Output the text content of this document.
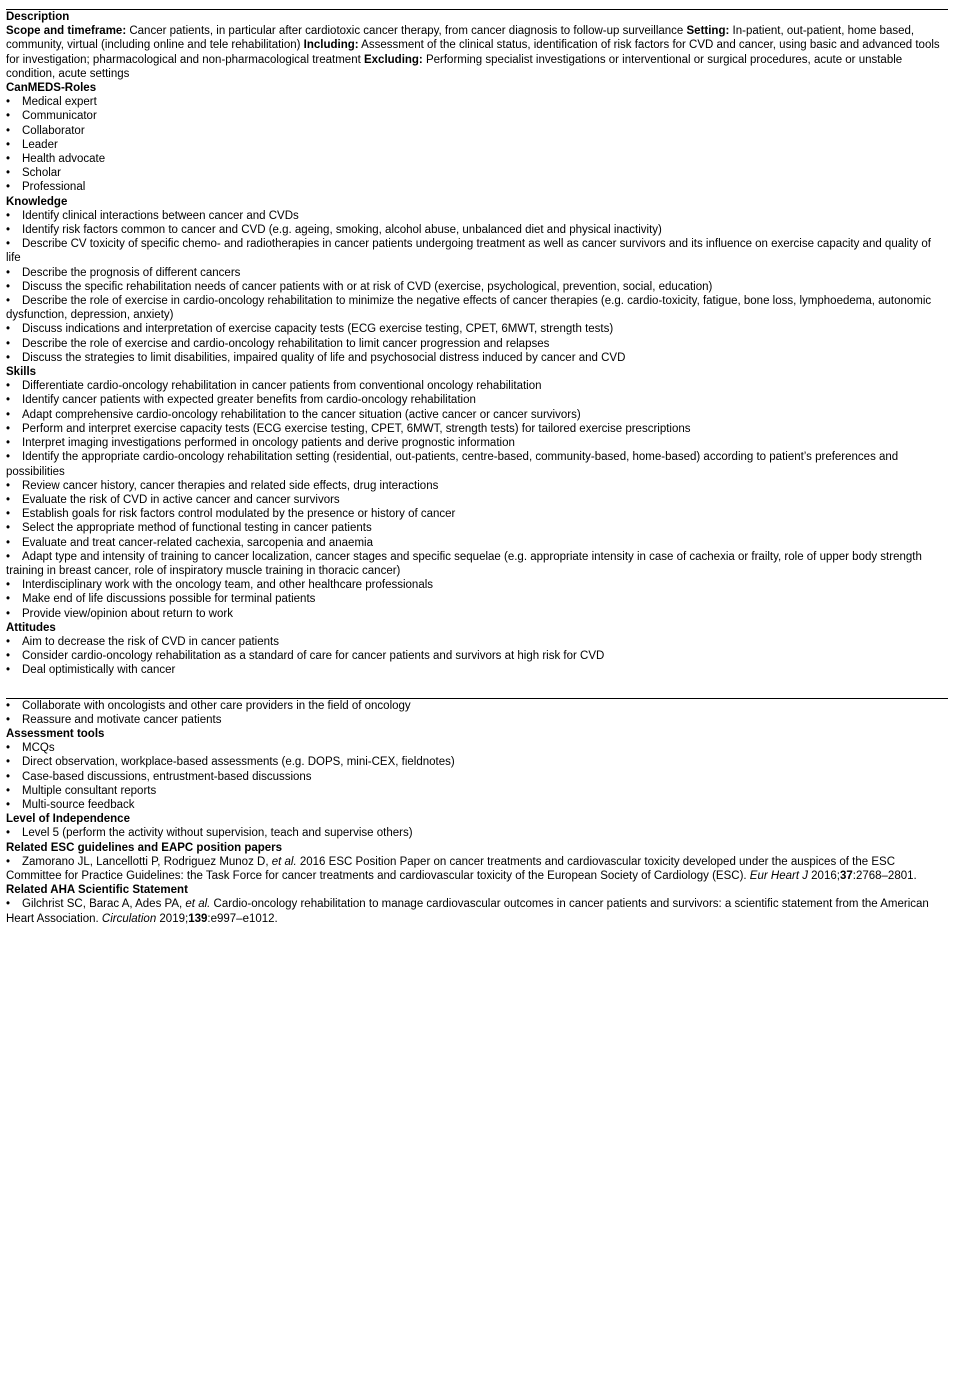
Description

Scope and timeframe: Cancer patients, in particular after cardiotoxic cancer therapy, from cancer diagnosis to follow-up surveillance Setting: In-patient, out-patient, home based, community, virtual (including online and tele rehabilitation) Including: Assessment of the clinical status, identification of risk factors for CVD and cancer, using basic and advanced tools for investigation; pharmacological and non-pharmacological treatment Excluding: Performing specialist investigations or interventional or surgical procedures, acute or unstable condition, acute settings

CanMEDS-Roles
• Medical expert
• Communicator
• Collaborator
• Leader
• Health advocate
• Scholar
• Professional
Knowledge
• Identify clinical interactions between cancer and CVDs
• Identify risk factors common to cancer and CVD (e.g. ageing, smoking, alcohol abuse, unbalanced diet and physical inactivity)
• Describe CV toxicity of specific chemo- and radiotherapies in cancer patients undergoing treatment as well as cancer survivors and its influence on exercise capacity and quality of life
• Describe the prognosis of different cancers
• Discuss the specific rehabilitation needs of cancer patients with or at risk of CVD (exercise, psychological, prevention, social, education)
• Describe the role of exercise in cardio-oncology rehabilitation to minimize the negative effects of cancer therapies (e.g. cardio-toxicity, fatigue, bone loss, lymphoedema, autonomic dysfunction, depression, anxiety)
• Discuss indications and interpretation of exercise capacity tests (ECG exercise testing, CPET, 6MWT, strength tests)
• Describe the role of exercise and cardio-oncology rehabilitation to limit cancer progression and relapses
• Discuss the strategies to limit disabilities, impaired quality of life and psychosocial distress induced by cancer and CVD
Skills
• Differentiate cardio-oncology rehabilitation in cancer patients from conventional oncology rehabilitation
• Identify cancer patients with expected greater benefits from cardio-oncology rehabilitation
• Adapt comprehensive cardio-oncology rehabilitation to the cancer situation (active cancer or cancer survivors)
• Perform and interpret exercise capacity tests (ECG exercise testing, CPET, 6MWT, strength tests) for tailored exercise prescriptions
• Interpret imaging investigations performed in oncology patients and derive prognostic information
• Identify the appropriate cardio-oncology rehabilitation setting (residential, out-patients, centre-based, community-based, home-based) according to patient’s preferences and possibilities
• Review cancer history, cancer therapies and related side effects, drug interactions
• Evaluate the risk of CVD in active cancer and cancer survivors
• Establish goals for risk factors control modulated by the presence or history of cancer
• Select the appropriate method of functional testing in cancer patients
• Evaluate and treat cancer-related cachexia, sarcopenia and anaemia
• Adapt type and intensity of training to cancer localization, cancer stages and specific sequelae (e.g. appropriate intensity in case of cachexia or frailty, role of upper body strength training in breast cancer, role of inspiratory muscle training in thoracic cancer)
• Interdisciplinary work with the oncology team, and other healthcare professionals
• Make end of life discussions possible for terminal patients
• Provide view/opinion about return to work
Attitudes
• Aim to decrease the risk of CVD in cancer patients
• Consider cardio-oncology rehabilitation as a standard of care for cancer patients and survivors at high risk for CVD
• Deal optimistically with cancer
• Collaborate with oncologists and other care providers in the field of oncology
• Reassure and motivate cancer patients
Assessment tools
• MCQs
• Direct observation, workplace-based assessments (e.g. DOPS, mini-CEX, fieldnotes)
• Case-based discussions, entrustment-based discussions
• Multiple consultant reports
• Multi-source feedback
Level of Independence
• Level 5 (perform the activity without supervision, teach and supervise others)
Related ESC guidelines and EAPC position papers
• Zamorano JL, Lancellotti P, Rodriguez Munoz D, et al. 2016 ESC Position Paper on cancer treatments and cardiovascular toxicity developed under the auspices of the ESC Committee for Practice Guidelines: the Task Force for cancer treatments and cardiovascular toxicity of the European Society of Cardiology (ESC). Eur Heart J 2016;37:2768–2801.
Related AHA Scientific Statement
• Gilchrist SC, Barac A, Ades PA, et al. Cardio-oncology rehabilitation to manage cardiovascular outcomes in cancer patients and survivors: a scientific statement from the American Heart Association. Circulation 2019;139:e997–e1012.
